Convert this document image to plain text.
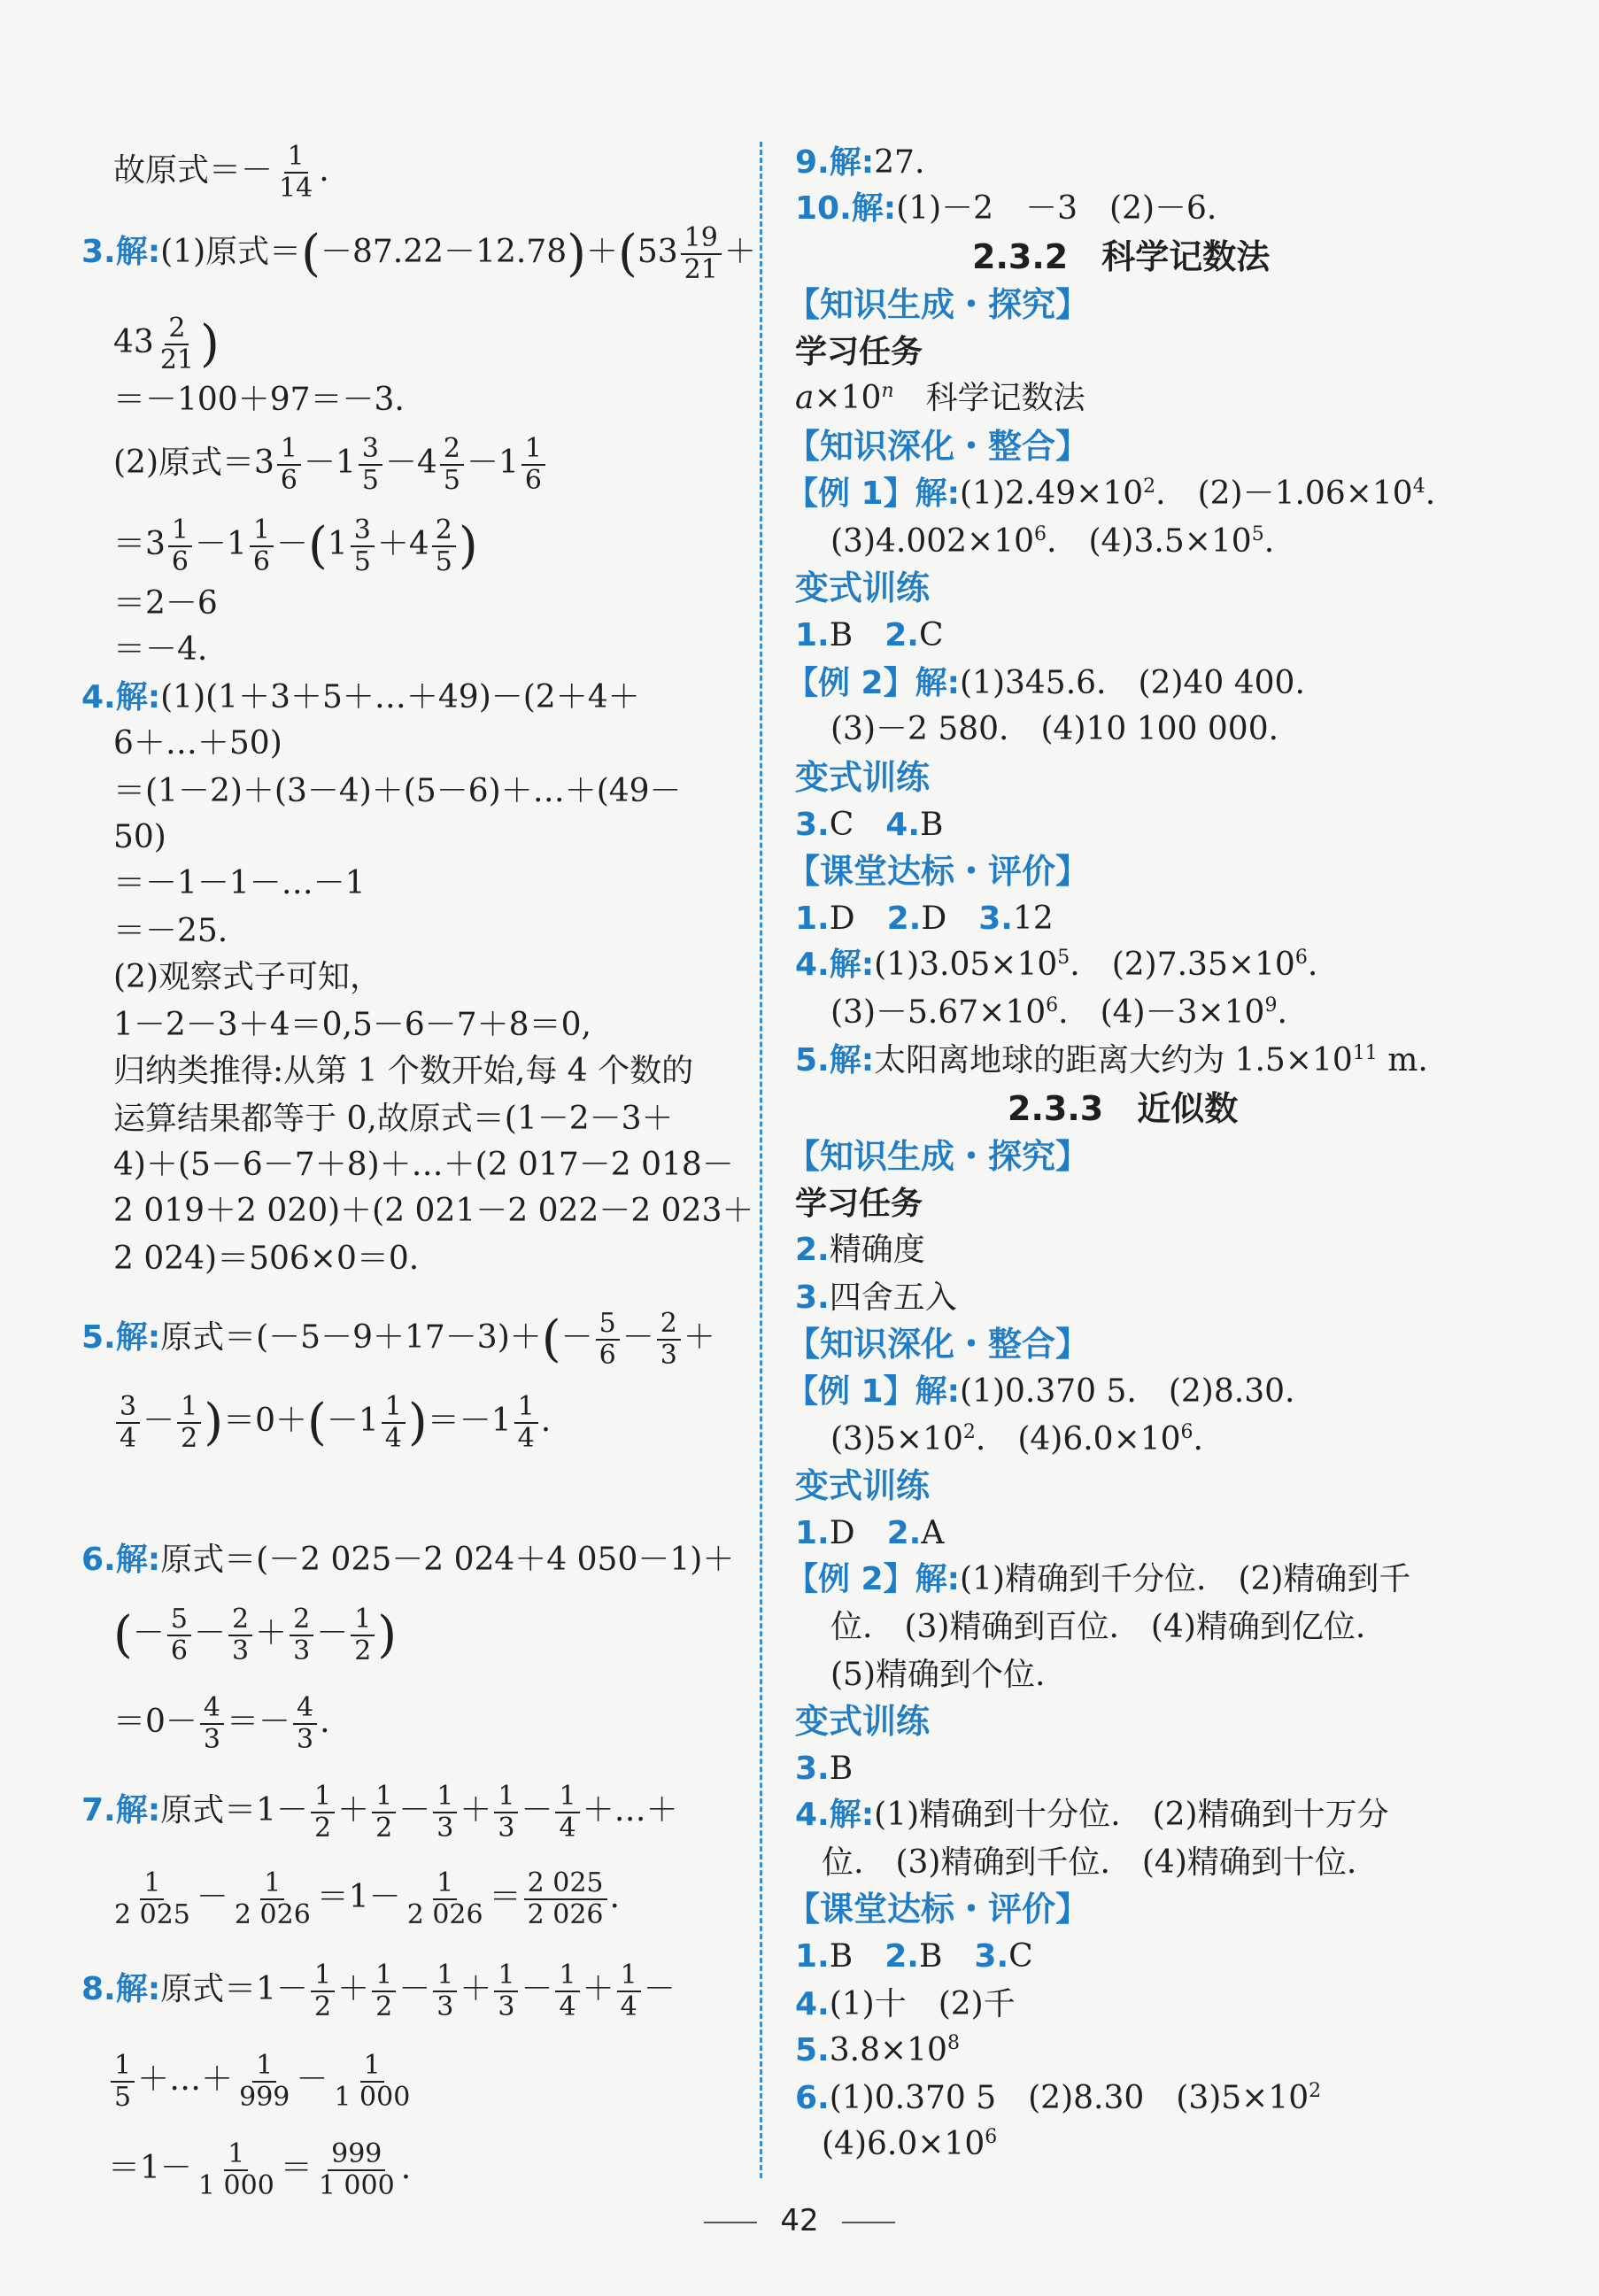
故原式＝－ $\frac{1}{14}$ .
3.解:(1)原式$=(-87.22-12.78)+(53 \frac{19}{21}$ ＋
$43 \frac{2}{21}$ )
＝－100＋97＝－3.
(2)原式$=3 \frac{1}{6} -1 \frac{3}{5} -4 \frac{2}{5} -1 \frac{1}{6}$
$=3 \frac{1}{6} -1 \frac{1}{6} -(1 \frac{3}{5} +4 \frac{2}{5}$ )
＝2－6
＝－4.
4.解:(1)(1＋3＋5＋…＋49)－(2＋4＋
6＋…＋50)
＝(1－2)＋(3－4)＋(5－6)＋…＋(49－
50)
＝－1－1－…－1
＝－25.
(2)观察式子可知，
1－2－3＋4＝0,5－6－7＋8＝0,
归纳类推得:从第 1 个数开始,每 4 个数的
运算结果都等于 0,故原式＝(1－2－3＋
4)＋(5－6－7＋8)＋…＋(2 017－2 018－
2 019＋2 020)＋(2 021－2 022－2 023＋
2 024)＝506×0＝0.
5.解:原式$=(-5-9+17-3)+(- \frac{5}{6} - \frac{2}{3}$ ＋
$\frac{3}{4} - \frac{1}{2} )=0+(-1 \frac{1}{4} )=-1 \frac{1}{4}$ .
6.解:原式＝(－2 025－2 024＋4 050－1)＋
(－ $\frac{5}{6} - \frac{2}{3} + \frac{2}{3} - \frac{1}{2}$ )
$=0- \frac{4}{3} =- \frac{4}{3}$ .
7.解:原式$=1- \frac{1}{2} + \frac{1}{2} - \frac{1}{3} + \frac{1}{3} - \frac{1}{4}$ ＋…＋
$\frac{1}{2 025} - \frac{1}{2 026} =1- \frac{1}{2 026} = \frac{2 025}{2 026}$ .
8.解:原式$=1- \frac{1}{2} + \frac{1}{2} - \frac{1}{3} + \frac{1}{3} - \frac{1}{4} + \frac{1}{4}$ －
$\frac{1}{5}$ ＋…＋ $\frac{1}{999} - \frac{1}{1 000}$
$=1- \frac{1}{1 000} = \frac{999}{1 000}$ .
9.解:27.
10.解:(1)－2　－3　(2)－6.
2.3.2　科学记数法
【知识生成・探究】
学习任务
$a\times 10^n$　科学记数法
【知识深化・整合】
【例 1】解$:(1)2.49\times 10^2$.　$(2)-1.06\times 10^4$.
$(3)4.002\times 10^6$.　$(4)3.5\times 10^5$.
变式训练
1.B　2.C
【例 2】解:(1)345.6.　(2)40 400.
(3)－2 580.　(4)10 100 000.
变式训练
3.C　4.B
【课堂达标・评价】
1.D　2.D　3.12
4.解$:(1)3.05\times 10^5$.　$(2)7.35\times 10^6$.
$(3)-5.67\times 10^6$.　$(4)-3\times 10^9$.
5.解:太阳离地球的距离大约为 $1.5\times 10^{11}$ m.
2.3.3　近似数
【知识生成・探究】
学习任务
2.精确度
3.四舍五入
【知识深化・整合】
【例 1】解:(1)0.370 5.　(2)8.30.
$(3)5\times 10^2$.　$(4)6.0\times 10^6$.
变式训练
1.D　2.A
【例 2】解:(1)精确到千分位.　(2)精确到千
位.　(3)精确到百位.　(4)精确到亿位.
(5)精确到个位.
变式训练
3.B
4.解:(1)精确到十分位.　(2)精确到十万分
位.　(3)精确到千位.　(4)精确到十位.
【课堂达标・评价】
1.B　2.B　3.C
4.(1)十　(2)千
$5.3.8\times 10^8$
6.(1)0.370 5　(2)8.30　$(3)5\times 10^2$
$(4)6.0\times 10^6$
42
